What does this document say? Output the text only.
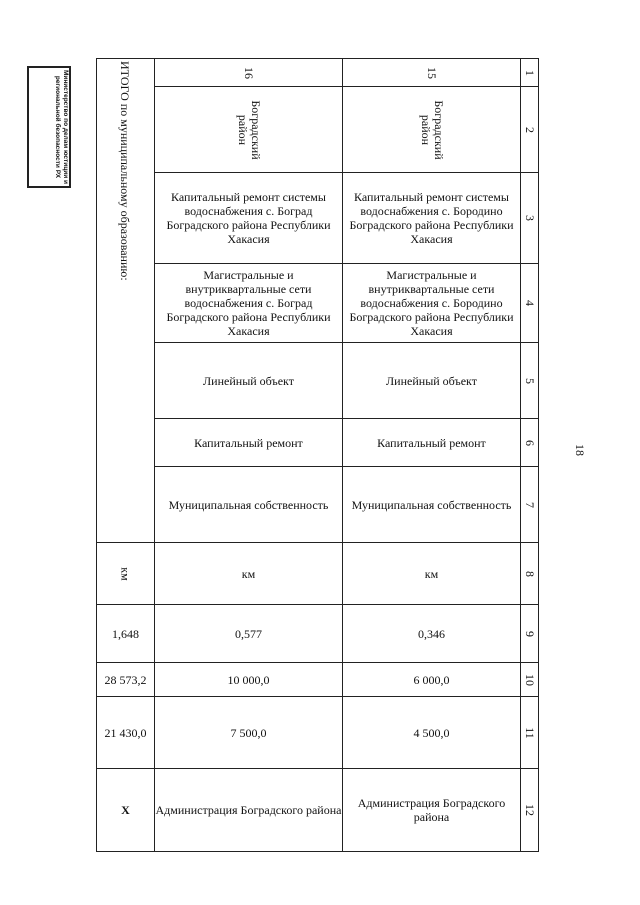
Министерство по делам юстиции и региональной безопасности РХ
18
ИТОГО по муниципальному образованию:	16	15	1
	Боградский район	Боградский район	2
	Капитальный ремонт системы водоснабжения с. Боград Боградского района Республики Хакасия	Капитальный ремонт системы водоснабжения с. Бородино Боградского района Республики Хакасия	3
	Магистральные и внутриквартальные сети водоснабжения с. Боград Боградского района Республики Хакасия	Магистральные и внутриквартальные сети водоснабжения с. Бородино Боградского района Республики Хакасия	4
	Линейный объект	Линейный объект	5
	Капитальный ремонт	Капитальный ремонт	6
	Муниципальная собственность	Муниципальная собственность	7
км	км	км	8
1,648	0,577	0,346	9
28 573,2	10 000,0	6 000,0	10
21 430,0	7 500,0	4 500,0	11
Х	Администрация Боградского района	Администрация Боградского района	12
